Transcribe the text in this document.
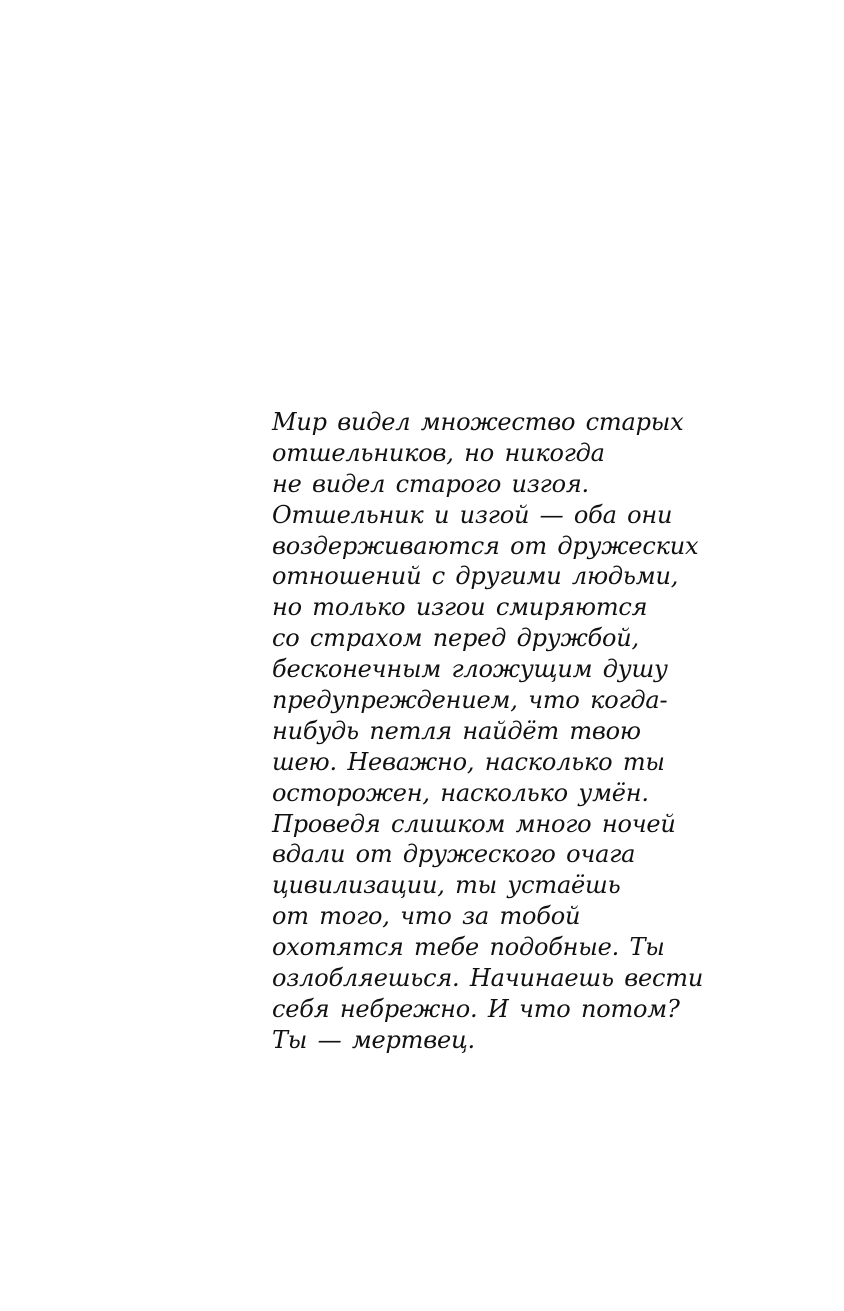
Мир видел множество старых
отшельников, но никогда
не видел старого изгоя.
Отшельник и изгой — оба они
воздерживаются от дружеских
отношений с другими людьми,
но только изгои смиряются
со страхом перед дружбой,
бесконечным гложущим душу
предупреждением, что когда-
нибудь петля найдёт твою
шею. Неважно, насколько ты
осторожен, насколько умён.
Проведя слишком много ночей
вдали от дружеского очага
цивилизации, ты устаёшь
от того, что за тобой
охотятся тебе подобные. Ты
озлобляешься. Начинаешь вести
себя небрежно. И что потом?
Ты — мертвец.
